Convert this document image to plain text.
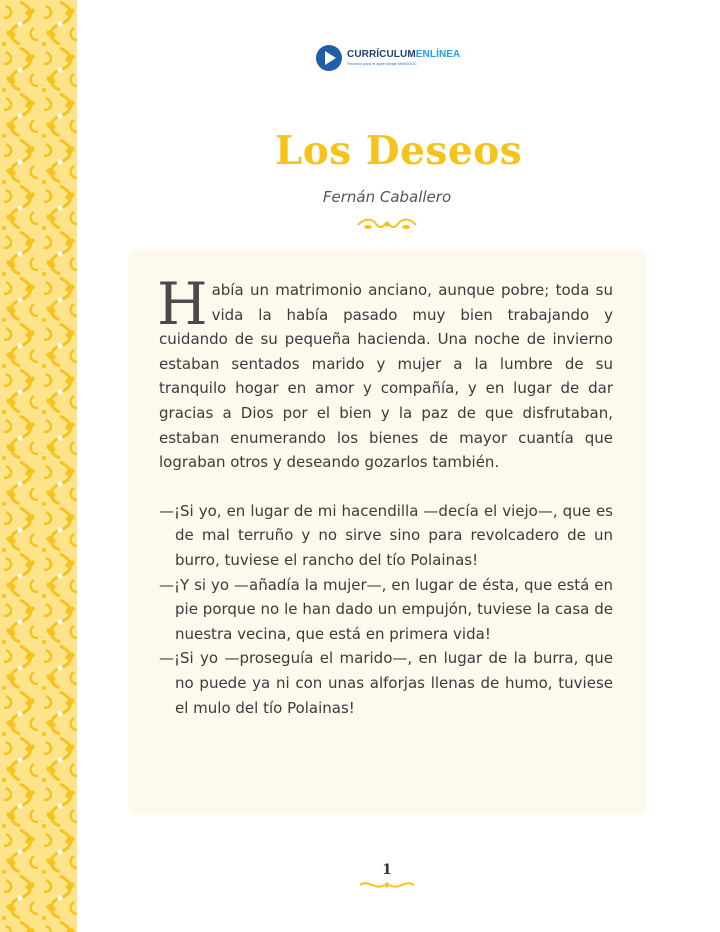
CURRÍCULUMENLÍNEA
Recurso para el aprendizaje MINEDUC
Los Deseos
Fernán Caballero

Había un matrimonio anciano, aunque pobre; toda su vida la había pasado muy bien trabajando y cuidando de su pequeña hacienda. Una noche de invierno estaban sentados marido y mujer a la lumbre de su tranquilo hogar en amor y compañía, y en lugar de dar gracias a Dios por el bien y la paz de que disfrutaban, estaban enumerando los bienes de mayor cuantía que lograban otros y deseando gozarlos también.

—¡Si yo, en lugar de mi hacendilla —decía el viejo—, que es de mal terruño y no sirve sino para revolcadero de un burro, tuviese el rancho del tío Polainas!
—¡Y si yo —añadía la mujer—, en lugar de ésta, que está en pie porque no le han dado un empujón, tuviese la casa de nuestra vecina, que está en primera vida!
—¡Si yo —proseguía el marido—, en lugar de la burra, que no puede ya ni con unas alforjas llenas de humo, tuviese el mulo del tío Polainas!
1
